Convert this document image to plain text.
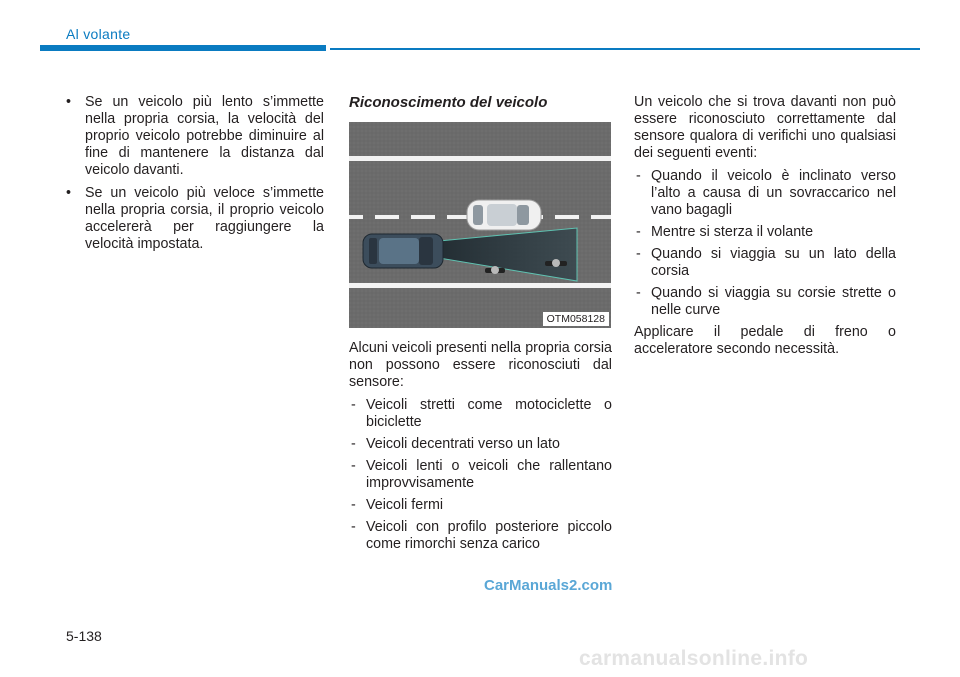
Al volante
• Se un veicolo più lento s’immette nella propria corsia, la velocità del proprio veicolo potrebbe diminuire al fine di mantenere la distanza dal veicolo davanti.
• Se un veicolo più veloce s’immette nella propria corsia, il proprio veicolo accelererà per raggiungere la velocità impostata.
Riconoscimento del veicolo
OTM058128

Alcuni veicoli presenti nella propria corsia non possono essere riconosciuti dal sensore:

- Veicoli stretti come motociclette o biciclette
- Veicoli decentrati verso un lato
- Veicoli lenti o veicoli che rallentano improvvisamente
- Veicoli fermi
- Veicoli con profilo posteriore piccolo come rimorchi senza carico

Un veicolo che si trova davanti non può essere riconosciuto correttamente dal sensore qualora di verifichi uno qualsiasi dei seguenti eventi:

- Quando il veicolo è inclinato verso l’alto a causa di un sovraccarico nel vano bagagli
- Mentre si sterza il volante
- Quando si viaggia su un lato della corsia
- Quando si viaggia su corsie strette o nelle curve

Applicare il pedale di freno o acceleratore secondo necessità.

5-138
CarManuals2.com
carmanualsonline.info
